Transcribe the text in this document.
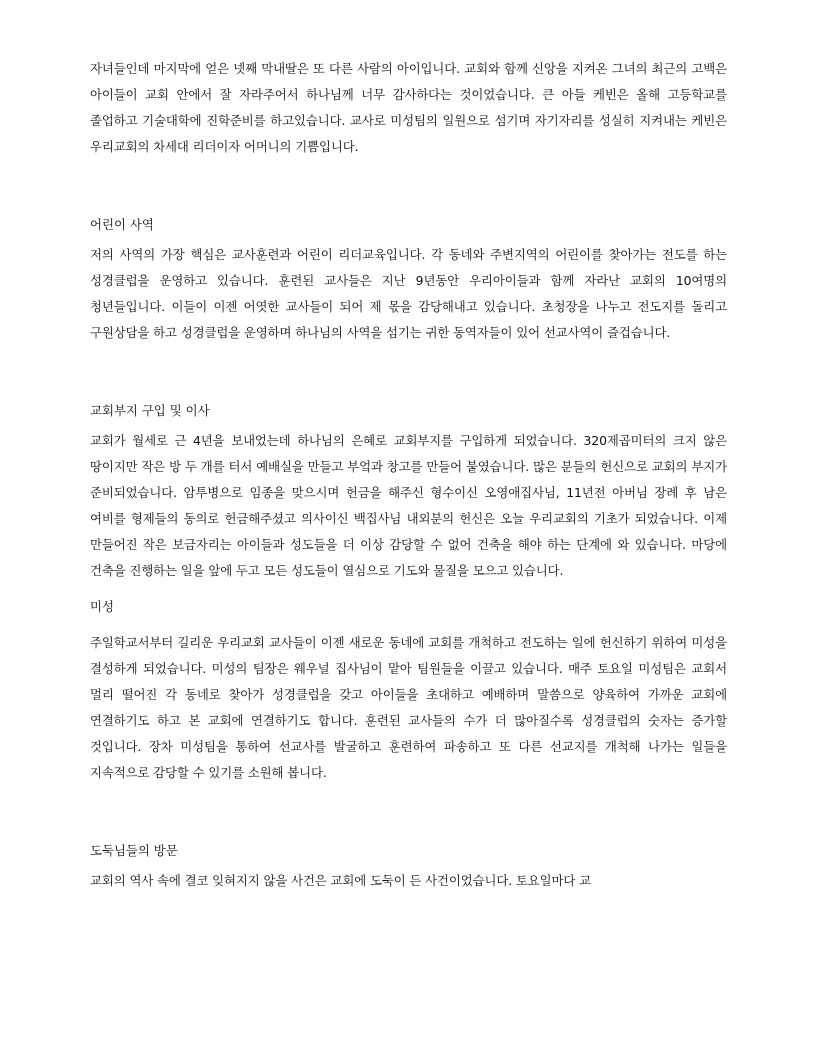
자녀들인데 마지막에 얻은 넷째 막내딸은 또 다른 사람의 아이입니다. 교회와 함께 신앙을 지켜온 그녀의 최근의 고백은 아이들이 교회 안에서 잘 자라주어서 하나님께 너무 감사하다는 것이었습니다. 큰 아들 케빈은 올해 고등학교를 졸업하고 기술대학에 진학준비를 하고있습니다. 교사로 미성팀의 일원으로 섬기며 자기자리를 성실히 지켜내는 케빈은 우리교회의 차세대 리더이자 어머니의 기쁨입니다.

어린이 사역

저의 사역의 가장 핵심은 교사훈련과 어린이 리더교육입니다. 각 동네와 주변지역의 어린이를 찾아가는 전도를 하는 성경클럽을 운영하고 있습니다. 훈련된 교사들은 지난 9년동안 우리아이들과 함께 자라난 교회의 10여명의 청년들입니다. 이들이 이젠 어엿한 교사들이 되어 제 몫을 감당해내고 있습니다. 초청장을 나누고 전도지를 돌리고 구원상담을 하고 성경클럽을 운영하며 하나님의 사역을 섬기는 귀한 동역자들이 있어 선교사역이 즐겁습니다.

교회부지 구입 및 이사

교회가 월세로 근 4년을 보내었는데 하나님의 은혜로 교회부지를 구입하게 되었습니다. 320제곱미터의 크지 않은 땅이지만 작은 방 두 개를 터서 예배실을 만들고 부엌과 창고를 만들어 붙였습니다. 많은 분들의 헌신으로 교회의 부지가 준비되었습니다. 암투병으로 임종을 맞으시며 헌금을 해주신 형수이신 오영애집사님, 11년전 아버님 장례 후 남은 여비를 형제들의 동의로 헌금해주셨고 의사이신 백집사님 내외분의 헌신은 오늘 우리교회의 기초가 되었습니다. 이제 만들어진 작은 보금자리는 아이들과 성도들을 더 이상 감당할 수 없어 건축을 해야 하는 단계에 와 있습니다. 마당에 건축을 진행하는 일을 앞에 두고 모든 성도들이 열심으로 기도와 물질을 모으고 있습니다.

미성

주일학교서부터 길리운 우리교회 교사들이 이젠 새로운 동네에 교회를 개척하고 전도하는 일에 헌신하기 위하여 미성을 결성하게 되었습니다. 미성의 팀장은 웨우널 집사님이 맡아 팀원들을 이끌고 있습니다. 매주 토요일 미성팀은 교회서 멀리 떨어진 각 동네로 찾아가 성경클럽을 갖고 아이들을 초대하고 예배하며 말씀으로 양육하여 가까운 교회에 연결하기도 하고 본 교회에 연결하기도 합니다. 훈련된 교사들의 수가 더 많아질수록 성경클럽의 숫자는 증가할 것입니다. 장차 미성팀을 통하여 선교사를 발굴하고 훈련하여 파송하고 또 다른 선교지를 개척해 나가는 일들을 지속적으로 감당할 수 있기를 소원해 봅니다.

도둑님들의 방문

교회의 역사 속에 결코 잊혀지지 않을 사건은 교회에 도둑이 든 사건이었습니다. 토요일마다 교
